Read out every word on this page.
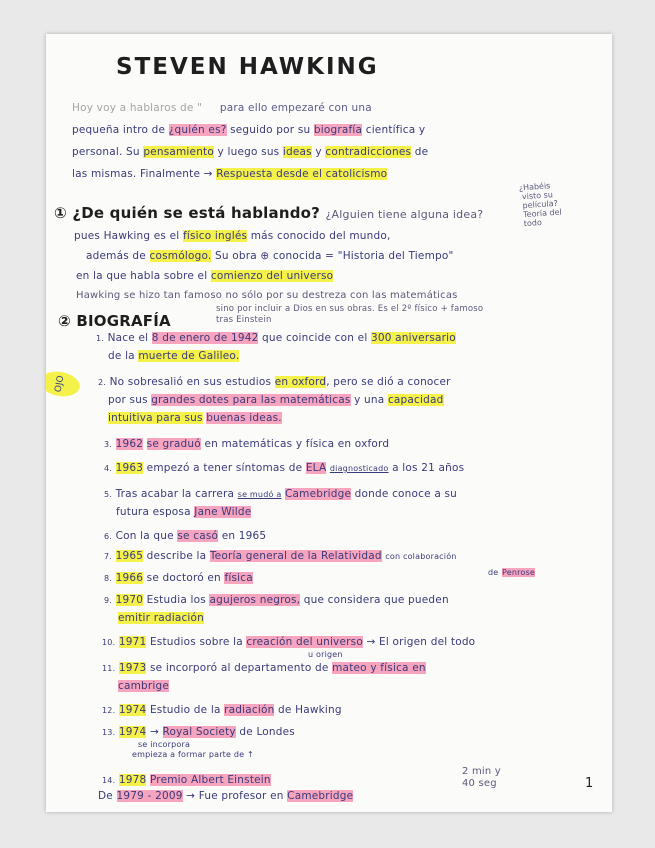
STEVEN HAWKING
Hoy voy a hablaros de "     para ello empezaré con una
pequeña intro de ¿quién es? seguido por su biografía científica y
personal. Su pensamiento y luego sus ideas y contradicciones de
las mismas. Finalmente → Respuesta desde el catolicismo
¿Habéis
visto su
película?
Teoría del
todo
① ¿De quién se está hablando? ¿Alguien tiene alguna idea?
pues Hawking es el físico inglés más conocido del mundo,
además de cosmólogo. Su obra ⊕ conocida = "Historia del Tiempo"
en la que habla sobre el comienzo del universo
Hawking se hizo tan famoso no sólo por su destreza con las matemáticas
sino por incluir a Dios en sus obras. Es el 2º físico + famoso
tras Einstein
② BIOGRAFÍA
OJO
1. Nace el 8 de enero de 1942 que coincide con el 300 aniversario
de la muerte de Galileo.
2. No sobresalió en sus estudios en oxford, pero se dió a conocer
por sus grandes dotes para las matemáticas y una capacidad
intuitiva para sus buenas ideas.
3. 1962 se graduó en matemáticas y física en oxford
4. 1963 empezó a tener síntomas de ELA diagnosticado a los 21 años
5. Tras acabar la carrera se mudó a Camebridge donde conoce a su
futura esposa Jane Wilde
6. Con la que se casó en 1965
7. 1965 describe la Teoría general de la Relatividad con colaboración
de Penrose
8. 1966 se doctoró en física
9. 1970 Estudia los agujeros negros, que considera que pueden
emitir radiación
10. 1971 Estudios sobre la creación del universo → El origen del todo
u origen
11. 1973 se incorporó al departamento de mateo y física en
cambrige
12. 1974 Estudio de la radiación de Hawking
13. 1974 → Royal Society de Londes
se incorpora
empieza a formar parte de ↑
14. 1978 Premio Albert Einstein
De 1979 - 2009 → Fue profesor en Camebridge
2 min y
40 seg	1
